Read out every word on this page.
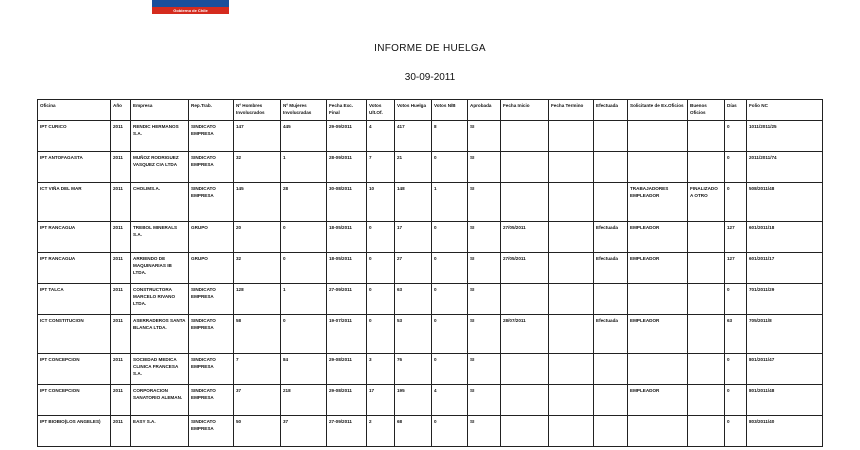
Gobierno de Chile
INFORME DE HUELGA
30-09-2011
Oficina	Año	Empresa	Rep.Trab.	Nº Hombres Involucrados	Nº Mujeres Involucradas	Fecha Exc. Final	Votos Ult.Of.	Votos Huelga	Votos N/B	Aprobada	Fecha Inicio	Fecha Termino	Efectuada	Solicitante de Ex.Oficios	Buenos Oficios	Días	Folio NC
IPT CURICO	2011	RENDIC HERMANOS S.A.	SINDICATO EMPRESA	147	445	29-09/2011	4	417	8	SI						0	1011/2011/25
IPT ANTOFAGASTA	2011	MUÑOZ RODRIGUEZ VASQUEZ CIA LTDA	SINDICATO EMPRESA	32	1	28-09/2011	7	21	0	SI						0	2011/2011/74
ICT VIÑA DEL MAR	2011	CHOLIMS.A.	SINDICATO EMPRESA	145	28	30-08/2011	10	148	1	SI				TRABAJADORES EMPLEADOR	FINALIZADO A OTRO	0	508/2011/48
IPT RANCAGUA	2011	TREBOL MINERALS S.A.	GRUPO	20	0	18-05/2011	0	17	0	SI	27/05/2011		Efectuada	EMPLEADOR		127	601/2011/18
IPT RANCAGUA	2011	ARRIENDO DE MAQUINARIAS IB LTDA.	GRUPO	32	0	18-05/2011	0	27	0	SI	27/05/2011		Efectuada	EMPLEADOR		127	601/2011/17
IPT TALCA	2011	CONSTRUCTORA MARCELO RIVANO LTDA.	SINDICATO EMPRESA	128	1	27-09/2011	0	63	0	SI						0	701/2011/29
ICT CONSTITUCION	2011	ASERRADEROS SANTA BLANCA LTDA.	SINDICATO EMPRESA	58	0	19-07/2011	0	53	0	SI	28/07/2011		Efectuada	EMPLEADOR		63	705/2011/8
IPT CONCEPCION	2011	SOCIEDAD MEDICA CLINICA FRANCESA S.A.	SINDICATO EMPRESA	7	84	29-08/2011	3	76	0	SI						0	801/2011/47
IPT CONCEPCION	2011	CORPORACION SANATORIO ALEMAN.	SINDICATO EMPRESA	37	218	29-08/2011	17	195	4	SI				EMPLEADOR		0	801/2011/48
IPT BIOBIO(LOS ANGELES)	2011	EASY S.A.	SINDICATO EMPRESA	50	37	27-09/2011	2	68	0	SI						0	803/2011/40
